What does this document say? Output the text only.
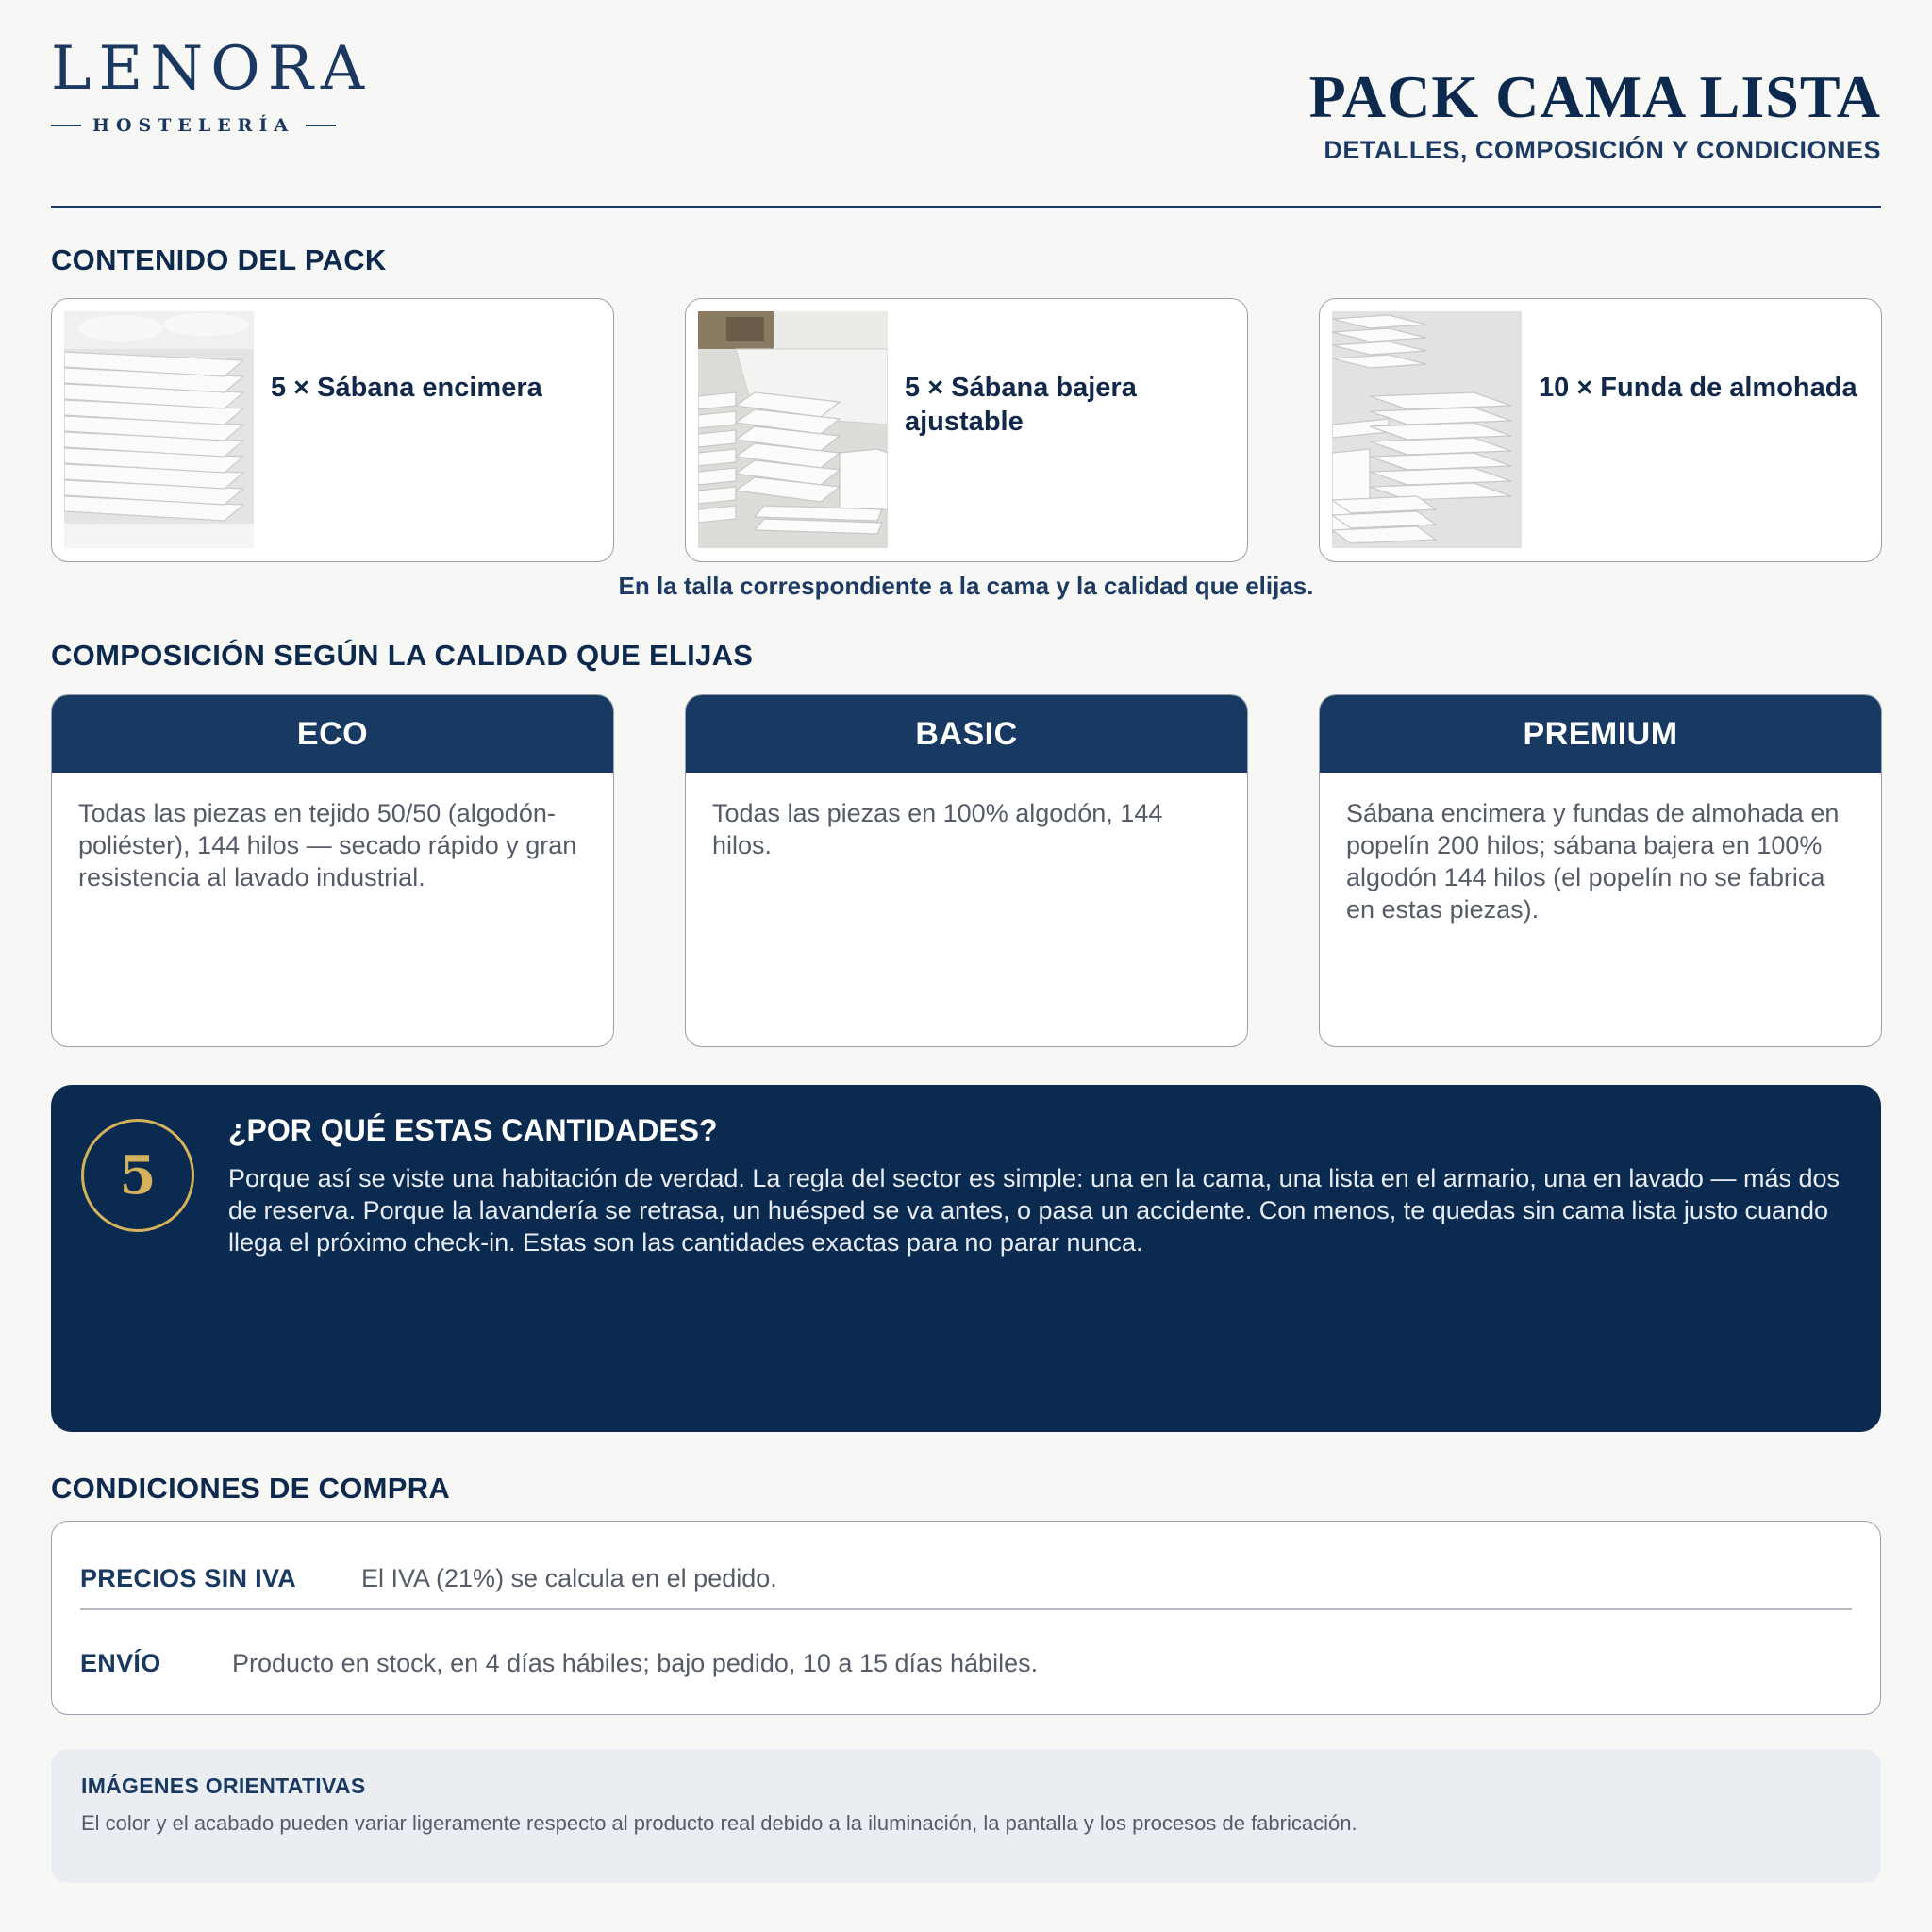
LENORA
HOSTELERÍA	PACK CAMA LISTA
DETALLES, COMPOSICIÓN Y CONDICIONES
CONTENIDO DEL PACK
5 × Sábana encimera	5 × Sábana bajera ajustable
10 × Funda de almohada
En la talla correspondiente a la cama y la calidad que elijas.
COMPOSICIÓN SEGÚN LA CALIDAD QUE ELIJAS
ECO
Todas las piezas en tejido 50/50 (algodón-poliéster), 144 hilos — secado rápido y gran resistencia al lavado industrial.
BASIC
Todas las piezas en 100% algodón, 144 hilos.
PREMIUM
Sábana encimera y fundas de almohada en popelín 200 hilos; sábana bajera en 100% algodón 144 hilos (el popelín no se fabrica en estas piezas).
5
¿POR QUÉ ESTAS CANTIDADES?
Porque así se viste una habitación de verdad. La regla del sector es simple: una en la cama, una lista en el armario, una en lavado — más dos de reserva. Porque la lavandería se retrasa, un huésped se va antes, o pasa un accidente. Con menos, te quedas sin cama lista justo cuando llega el próximo check-in. Estas son las cantidades exactas para no parar nunca.
CONDICIONES DE COMPRA
PRECIOS SIN IVA	El IVA (21%) se calcula en el pedido.
ENVÍO	Producto en stock, en 4 días hábiles; bajo pedido, 10 a 15 días hábiles.
IMÁGENES ORIENTATIVAS
El color y el acabado pueden variar ligeramente respecto al producto real debido a la iluminación, la pantalla y los procesos de fabricación.
